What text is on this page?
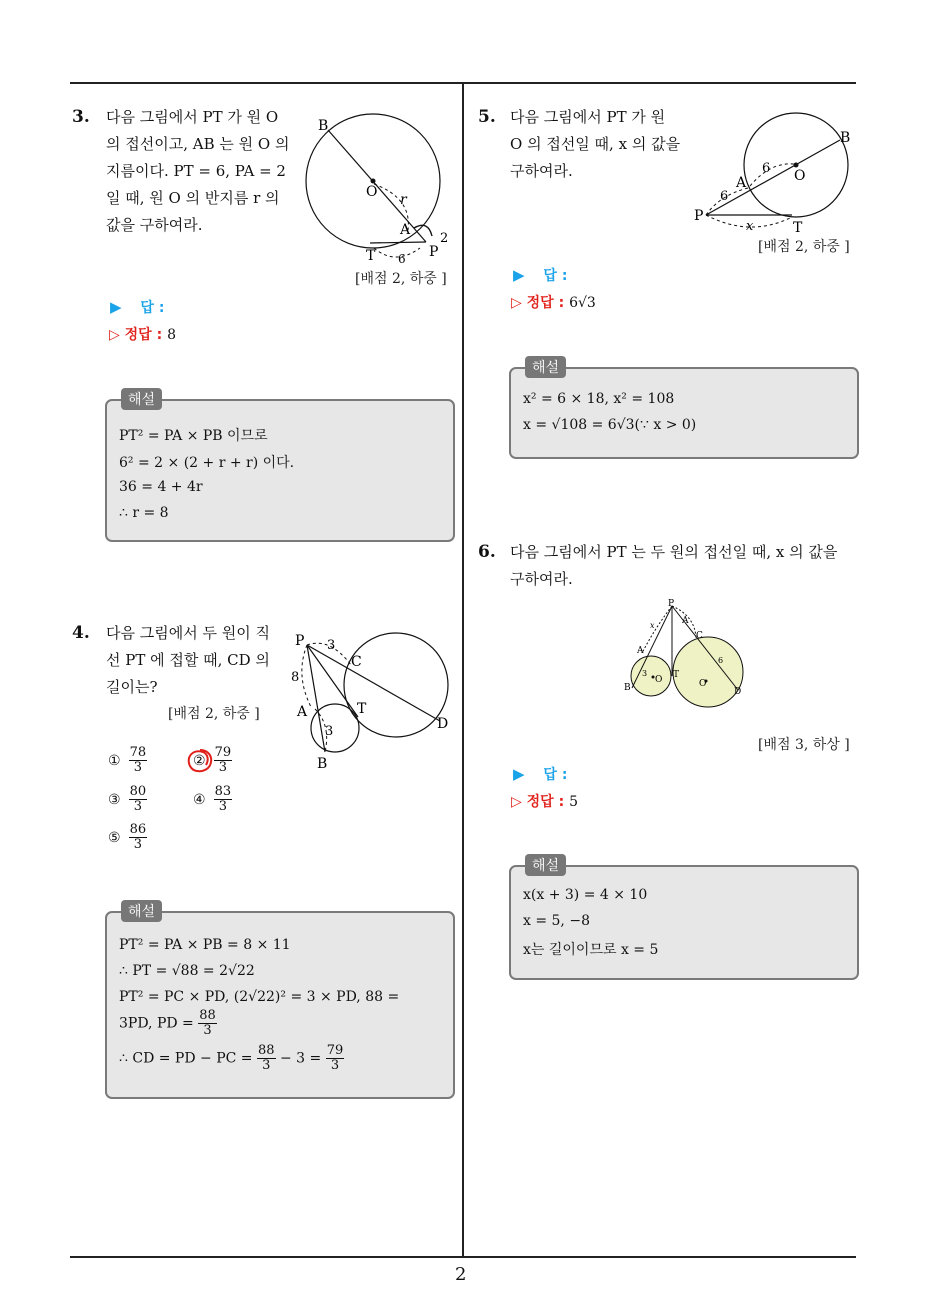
2
3. 다음 그림에서 PT 가 원 O
의 접선이고, AB 는 원 O 의
지름이다. PT = 6, PA = 2
일 때, 원 O 의 반지름 r 의
값을 구하여라.
B
O r
A
2
T	P
6
[배점 2, 하중 ]
▶ 답 :
▷ 정답 : 8
해설
PT² = PA × PB 이므로
6² = 2 × (2 + r + r) 이다.
36 = 4 + 4r
∴ r = 8
4. 다음 그림에서 두 원이 직
선 PT 에 접할 때, CD 의
길이는?
[배점 2, 하중 ]
P 3
C
8
A	T
D
3
B
① $\frac{78}{3}$	② $\frac{79}{3}$
③ $\frac{80}{3}$	④ $\frac{83}{3}$
⑤ $\frac{86}{3}$
해설
PT² = PA × PB = 8 × 11
∴ PT = √88 = 2√22
PT² = PC × PD, (2√22)² = 3 × PD, 88 =
3PD, PD = $\frac{88}{3}$
∴ CD = PD − PC = $\frac{88}{3} - 3 = \frac{79}{3}$
5. 다음 그림에서 PT 가 원
O 의 접선일 때, x 의 값을
구하여라.
B
6 O
A
6
P
x	T
[배점 2, 하중 ]
▶ 답 :
▷ 정답 : 6√3
해설
x² = 6 × 18, x² = 108
x = √108 = 6√3(∵ x > 0)
6. 다음 그림에서 PT 는 두 원의 접선일 때, x 의 값을
구하여라.
P
x	A
C
A
3
O T
O
6
B	D
[배점 3, 하상 ]
▶ 답 :
▷ 정답 : 5
해설
x(x + 3) = 4 × 10
x = 5, −8
x는 길이이므로 x = 5
